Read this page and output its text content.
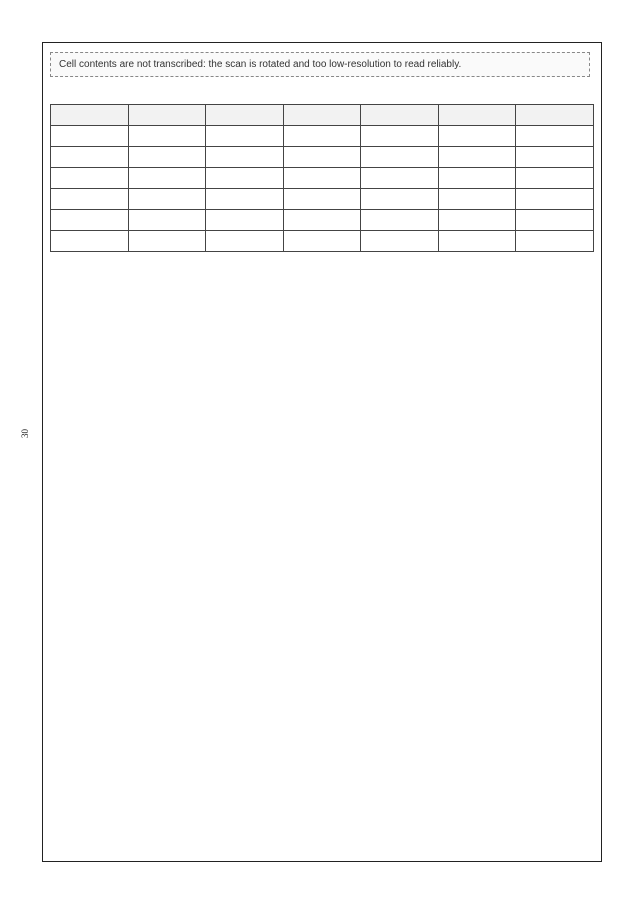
30
Cell contents are not transcribed: the scan is rotated and too low-resolution to read reliably.
